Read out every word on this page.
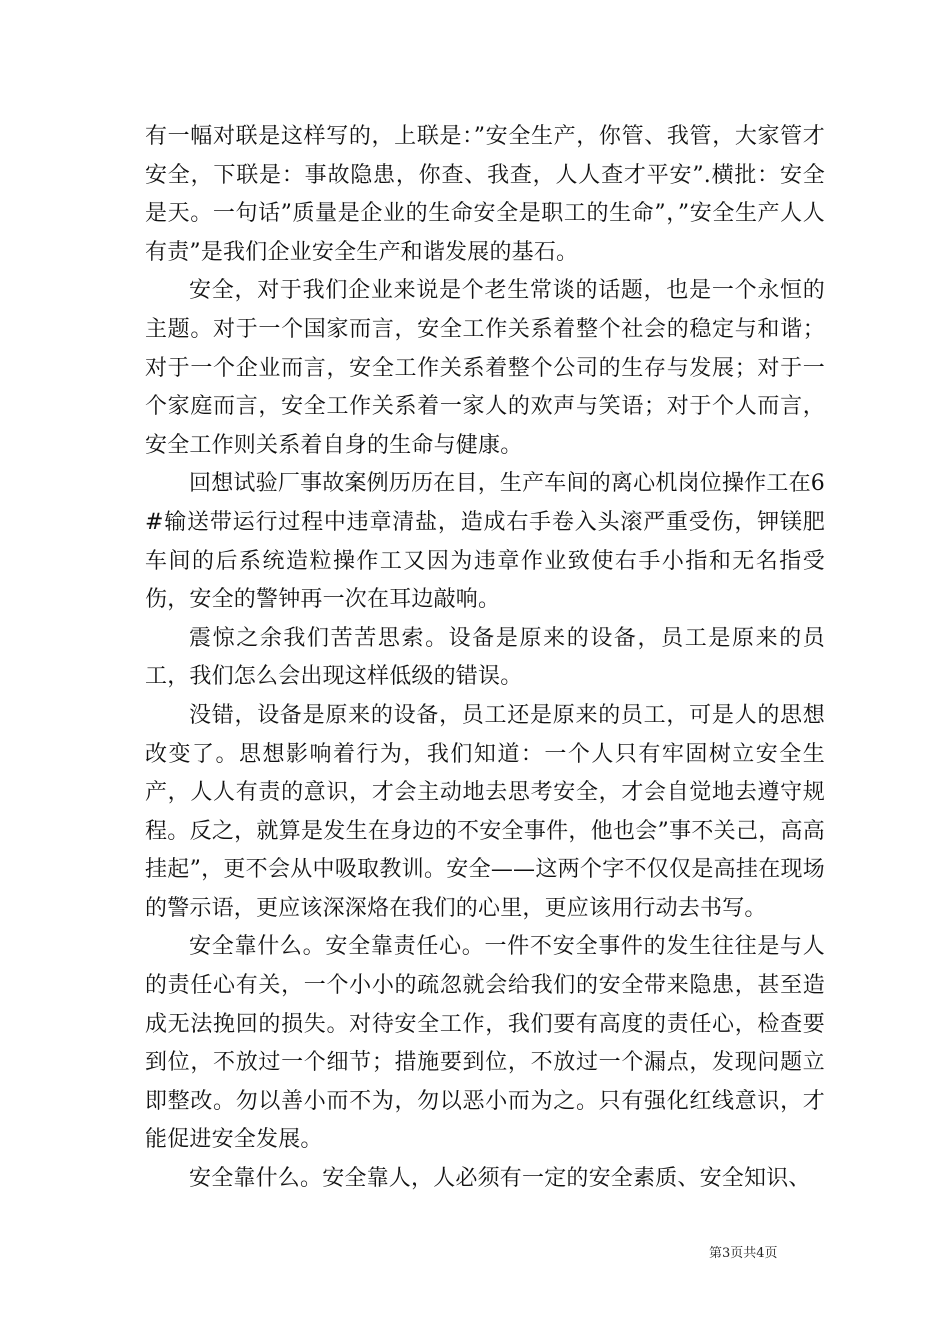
有一幅对联是这样写的，上联是：”安全生产，你管、我管，大家管才安全，下联是：事故隐患，你查、我查，人人查才平安”.横批：安全是天。一句话”质量是企业的生命安全是职工的生命”，”安全生产人人有责”是我们企业安全生产和谐发展的基石。

安全，对于我们企业来说是个老生常谈的话题，也是一个永恒的主题。对于一个国家而言，安全工作关系着整个社会的稳定与和谐；对于一个企业而言，安全工作关系着整个公司的生存与发展；对于一个家庭而言，安全工作关系着一家人的欢声与笑语；对于个人而言，安全工作则关系着自身的生命与健康。

回想试验厂事故案例历历在目，生产车间的离心机岗位操作工在6#输送带运行过程中违章清盐，造成右手卷入头滚严重受伤，钾镁肥车间的后系统造粒操作工又因为违章作业致使右手小指和无名指受伤，安全的警钟再一次在耳边敲响。

震惊之余我们苦苦思索。设备是原来的设备，员工是原来的员工，我们怎么会出现这样低级的错误。

没错，设备是原来的设备，员工还是原来的员工，可是人的思想改变了。思想影响着行为，我们知道：一个人只有牢固树立安全生产，人人有责的意识，才会主动地去思考安全，才会自觉地去遵守规程。反之，就算是发生在身边的不安全事件，他也会”事不关己，高高挂起”，更不会从中吸取教训。安全——这两个字不仅仅是高挂在现场的警示语，更应该深深烙在我们的心里，更应该用行动去书写。

安全靠什么。安全靠责任心。一件不安全事件的发生往往是与人的责任心有关，一个小小的疏忽就会给我们的安全带来隐患，甚至造成无法挽回的损失。对待安全工作，我们要有高度的责任心，检查要到位，不放过一个细节；措施要到位，不放过一个漏点，发现问题立即整改。勿以善小而不为，勿以恶小而为之。只有强化红线意识，才能促进安全发展。

安全靠什么。安全靠人，人必须有一定的安全素质、安全知识、

第3页共4页
